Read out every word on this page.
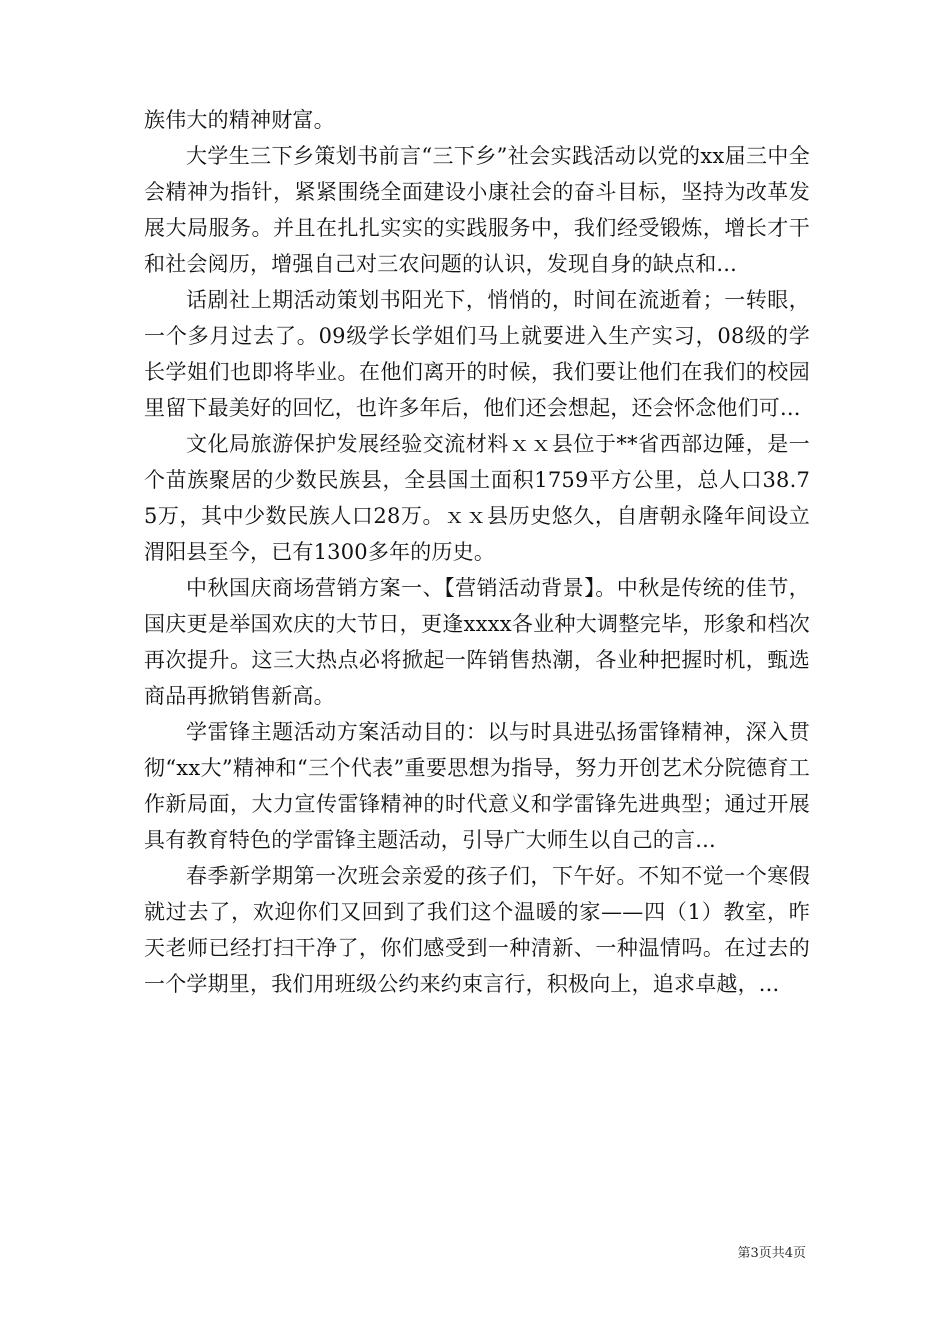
族伟大的精神财富。

大学生三下乡策划书前言“三下乡”社会实践活动以党的xx届三中全会精神为指针，紧紧围绕全面建设小康社会的奋斗目标，坚持为改革发展大局服务。并且在扎扎实实的实践服务中，我们经受锻炼，增长才干和社会阅历，增强自己对三农问题的认识，发现自身的缺点和...

话剧社上期活动策划书阳光下，悄悄的，时间在流逝着；一转眼，一个多月过去了。09级学长学姐们马上就要进入生产实习，08级的学长学姐们也即将毕业。在他们离开的时候，我们要让他们在我们的校园里留下最美好的回忆，也许多年后，他们还会想起，还会怀念他们可...

文化局旅游保护发展经验交流材料ｘｘ县位于**省西部边陲，是一个苗族聚居的少数民族县，全县国土面积1759平方公里，总人口38.75万，其中少数民族人口28万。ｘｘ县历史悠久，自唐朝永隆年间设立渭阳县至今，已有1300多年的历史。

中秋国庆商场营销方案一、【营销活动背景】。中秋是传统的佳节，国庆更是举国欢庆的大节日，更逢xxxx各业种大调整完毕，形象和档次再次提升。这三大热点必将掀起一阵销售热潮，各业种把握时机，甄选商品再掀销售新高。

学雷锋主题活动方案活动目的：以与时具进弘扬雷锋精神，深入贯彻“xx大”精神和“三个代表”重要思想为指导，努力开创艺术分院德育工作新局面，大力宣传雷锋精神的时代意义和学雷锋先进典型；通过开展具有教育特色的学雷锋主题活动，引导广大师生以自己的言...

春季新学期第一次班会亲爱的孩子们，下午好。不知不觉一个寒假就过去了，欢迎你们又回到了我们这个温暖的家——四（1）教室，昨天老师已经打扫干净了，你们感受到一种清新、一种温情吗。在过去的一个学期里，我们用班级公约来约束言行，积极向上，追求卓越，...

第3页共4页
